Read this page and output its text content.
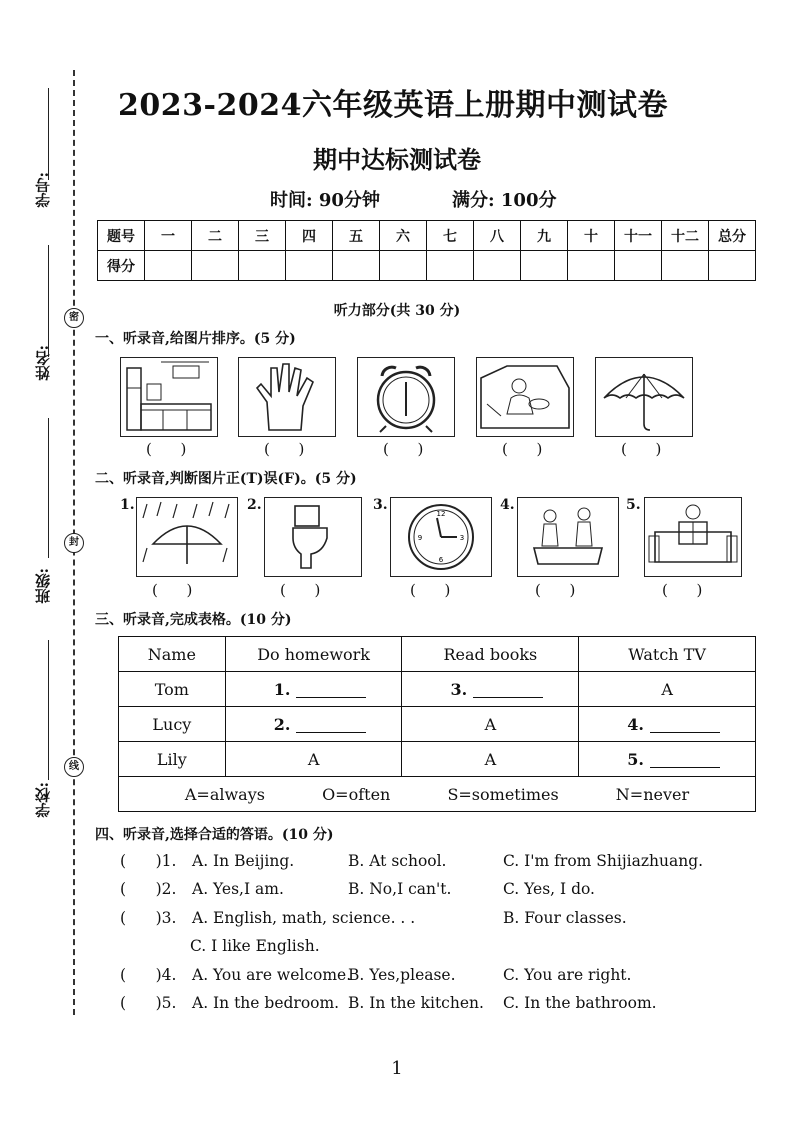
学号:
姓名:
班级:
学校:
密
封
线
2023-2024六年级英语上册期中测试卷
期中达标测试卷
时间: 90分钟	满分: 100分
题号	一	二	三	四	五	六	七	八	九	十	十一	十二	总分
得分													
听力部分(共 30 分)
一、听录音,给图片排序。(5 分)
(      )	(      )	(      )	(      )	(      )
二、听录音,判断图片正(T)误(F)。(5 分)
1.	2.	3.
12
3
6
9
4.	5.
(      )	(      )	(      )	(      )	(      )
三、听录音,完成表格。(10 分)
Name	Do homework	Read books	Watch TV
Tom	1.	3.	A
Lucy	2.	A	4.
Lily	A	A	5.
A=always O=often S=sometimes N=never			
四、听录音,选择合适的答语。(10 分)
(      )1. A. In Beijing.	B. At school.	C. I'm from Shijiazhuang.
(      )2. A. Yes,I am.	B. No,I can't.	C. Yes, I do.
(      )3. A. English, math, science. . .	B. Four classes.
C. I like English.
(      )4. A. You are welcome.
B. Yes,please.	C. You are right.
(      )5. A. In the bedroom. B. In the kitchen. C. In the bathroom.
1
